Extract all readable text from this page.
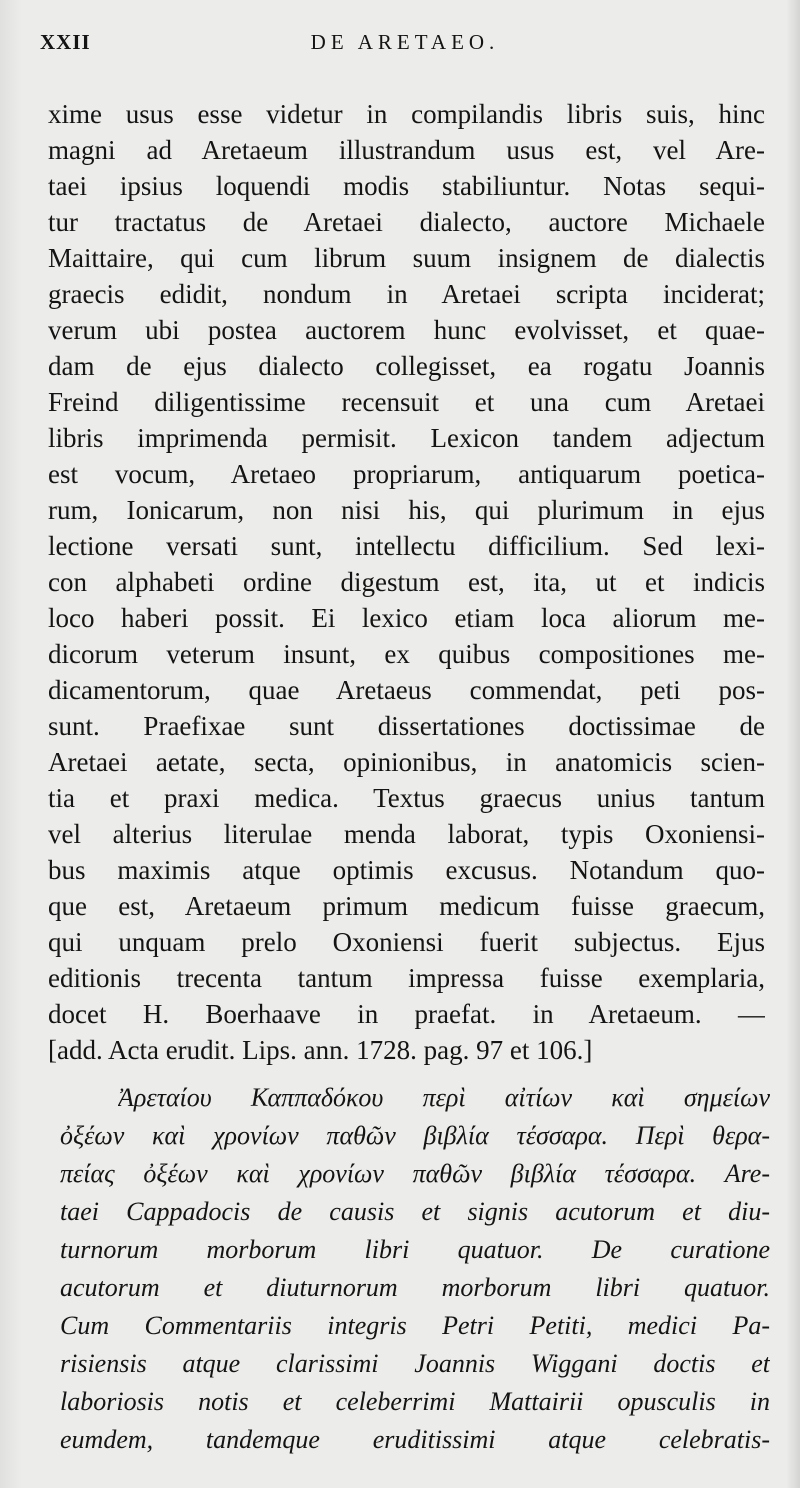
XXII	DE ARETAEO.
xime usus esse videtur in compilandis libris suis, hinc
magni ad Aretaeum illustrandum usus est, vel Are-
taei ipsius loquendi modis stabiliuntur. Notas sequi-
tur tractatus de Aretaei dialecto, auctore Michaele
Maittaire, qui cum librum suum insignem de dialectis
graecis edidit, nondum in Aretaei scripta inciderat;
verum ubi postea auctorem hunc evolvisset, et quae-
dam de ejus dialecto collegisset, ea rogatu Joannis
Freind diligentissime recensuit et una cum Aretaei
libris imprimenda permisit. Lexicon tandem adjectum
est vocum, Aretaeo propriarum, antiquarum poetica-
rum, Ionicarum, non nisi his, qui plurimum in ejus
lectione versati sunt, intellectu difficilium. Sed lexi-
con alphabeti ordine digestum est, ita, ut et indicis
loco haberi possit. Ei lexico etiam loca aliorum me-
dicorum veterum insunt, ex quibus compositiones me-
dicamentorum, quae Aretaeus commendat, peti pos-
sunt. Praefixae sunt dissertationes doctissimae de
Aretaei aetate, secta, opinionibus, in anatomicis scien-
tia et praxi medica. Textus graecus unius tantum
vel alterius literulae menda laborat, typis Oxoniensi-
bus maximis atque optimis excusus. Notandum quo-
que est, Aretaeum primum medicum fuisse graecum,
qui unquam prelo Oxoniensi fuerit subjectus. Ejus
editionis trecenta tantum impressa fuisse exemplaria,
docet H. Boerhaave in praefat. in Aretaeum. —
[add. Acta erudit. Lips. ann. 1728. pag. 97 et 106.]
Ἀρεταίου Καππαδόκου περὶ αἰτίων καὶ σημείων
ὀξέων καὶ χρονίων παθῶν βιβλία τέσσαρα. Περὶ θερα-
πείας ὀξέων καὶ χρονίων παθῶν βιβλία τέσσαρα. Are-
taei Cappadocis de causis et signis acutorum et diu-
turnorum morborum libri quatuor. De curatione
acutorum et diuturnorum morborum libri quatuor.
Cum Commentariis integris Petri Petiti, medici Pa-
risiensis atque clarissimi Joannis Wiggani doctis et
laboriosis notis et celeberrimi Mattairii opusculis in
eumdem, tandemque eruditissimi atque celebratis-
